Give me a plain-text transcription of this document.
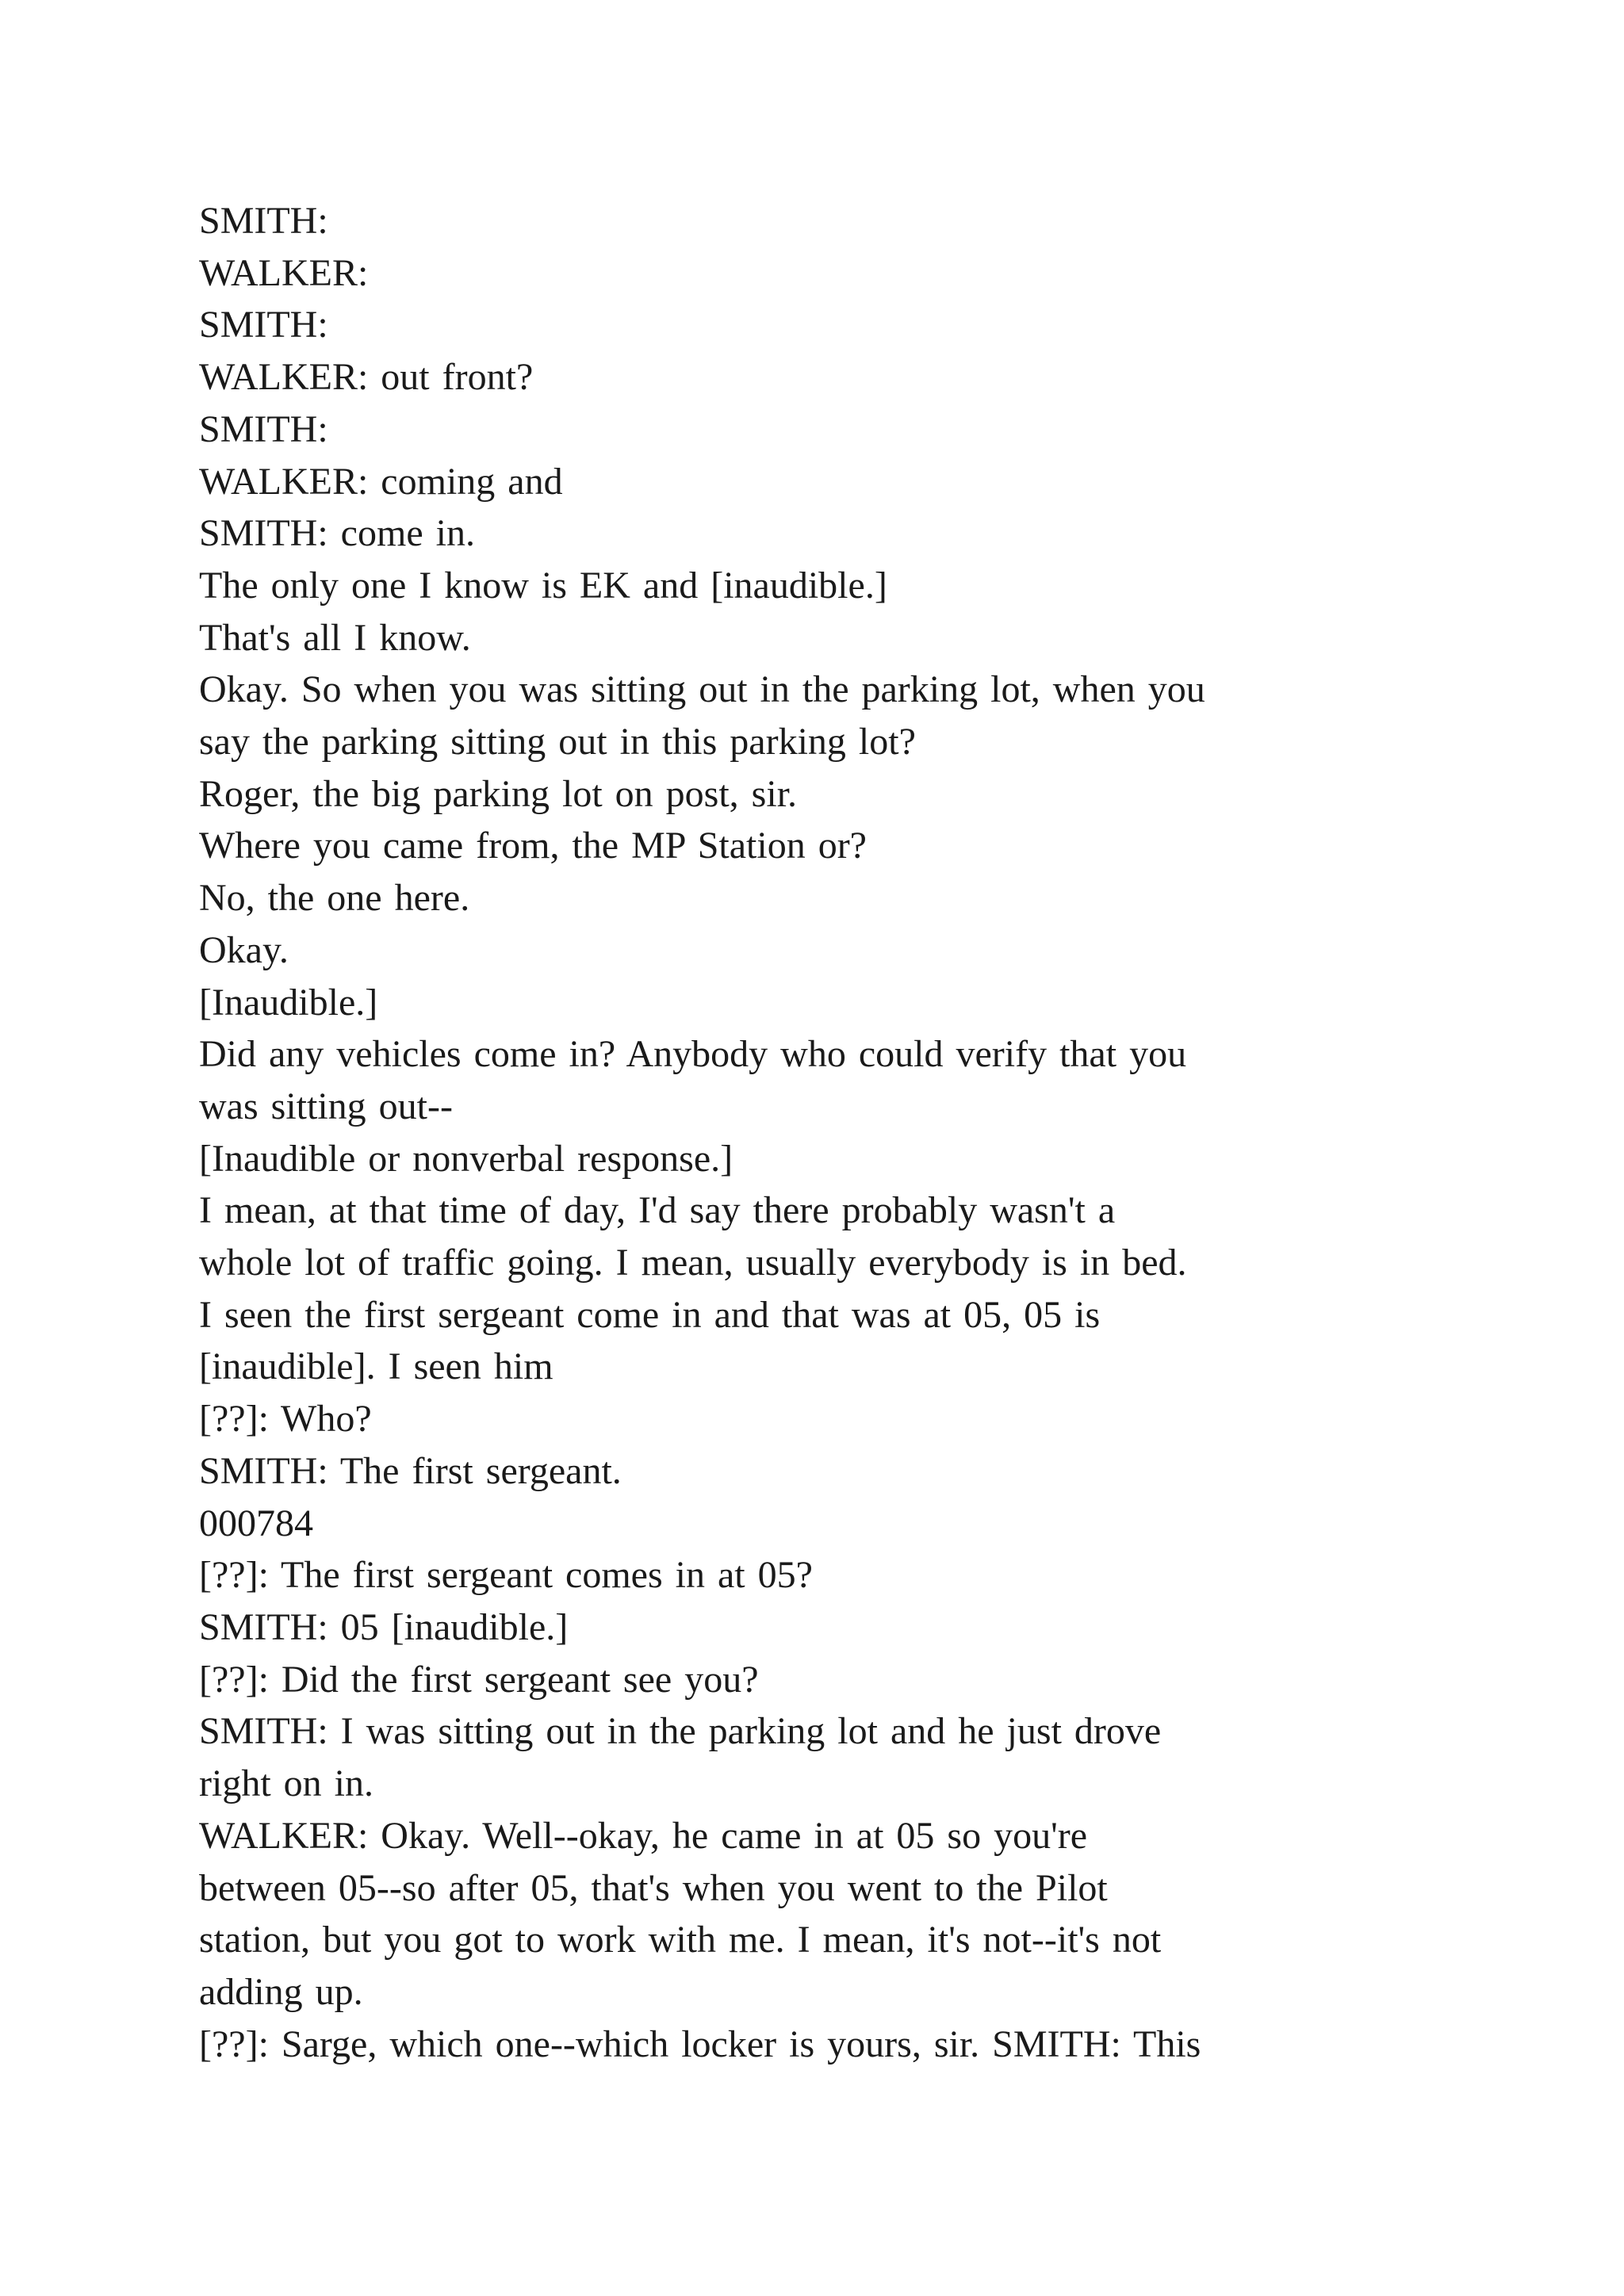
SMITH:
WALKER:
SMITH:
WALKER: out front?
SMITH:
WALKER: coming and
SMITH: come in.
The only one I know is EK and [inaudible.]
That's all I know.
Okay. So when you was sitting out in the parking lot, when you
say the parking sitting out in this parking lot?
Roger, the big parking lot on post, sir.
Where you came from, the MP Station or?
No, the one here.
Okay.
[Inaudible.]
Did any vehicles come in? Anybody who could verify that you
was sitting out--
[Inaudible or nonverbal response.]
I mean, at that time of day, I'd say there probably wasn't a
whole lot of traffic going. I mean, usually everybody is in bed.
I seen the first sergeant come in and that was at 05, 05 is
[inaudible]. I seen him
[??]: Who?
SMITH: The first sergeant.
000784
[??]: The first sergeant comes in at 05?
SMITH: 05 [inaudible.]
[??]: Did the first sergeant see you?
SMITH: I was sitting out in the parking lot and he just drove
right on in.
WALKER: Okay. Well--okay, he came in at 05 so you're
between 05--so after 05, that's when you went to the Pilot
station, but you got to work with me. I mean, it's not--it's not
adding up.
[??]: Sarge, which one--which locker is yours, sir. SMITH: This
